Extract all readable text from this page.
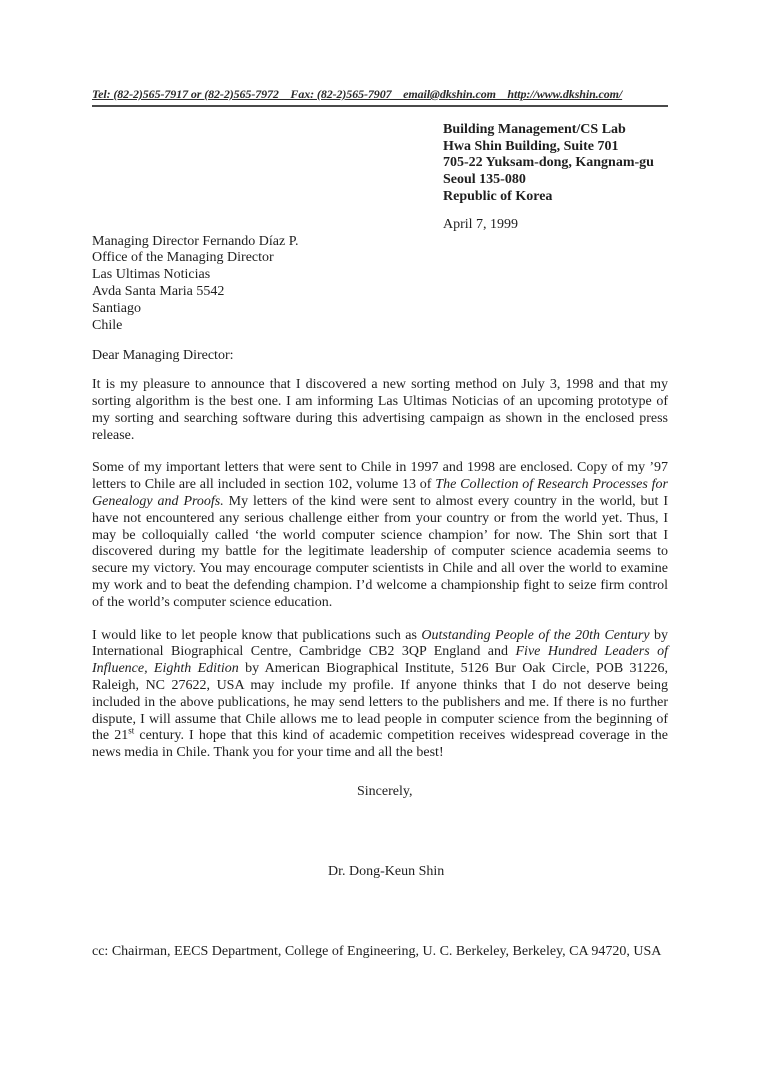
Tel: (82-2)565-7917 or (82-2)565-7972    Fax: (82-2)565-7907    email@dkshin.com    http://www.dkshin.com/
Building Management/CS Lab
Hwa Shin Building, Suite 701
705-22 Yuksam-dong, Kangnam-gu
Seoul 135-080
Republic of Korea
April 7, 1999
Managing Director Fernando Díaz P.
Office of the Managing Director
Las Ultimas Noticias
Avda Santa Maria 5542
Santiago
Chile
Dear Managing Director:

It is my pleasure to announce that I discovered a new sorting method on July 3, 1998 and that my sorting algorithm is the best one. I am informing Las Ultimas Noticias of an upcoming prototype of my sorting and searching software during this advertising campaign as shown in the enclosed press release.

Some of my important letters that were sent to Chile in 1997 and 1998 are enclosed. Copy of my ’97 letters to Chile are all included in section 102, volume 13 of The Collection of Research Processes for Genealogy and Proofs. My letters of the kind were sent to almost every country in the world, but I have not encountered any serious challenge either from your country or from the world yet. Thus, I may be colloquially called ‘the world computer science champion’ for now. The Shin sort that I discovered during my battle for the legitimate leadership of computer science academia seems to secure my victory. You may encourage computer scientists in Chile and all over the world to examine my work and to beat the defending champion. I’d welcome a championship fight to seize firm control of the world’s computer science education.

I would like to let people know that publications such as Outstanding People of the 20th Century by International Biographical Centre, Cambridge CB2 3QP England and Five Hundred Leaders of Influence, Eighth Edition by American Biographical Institute, 5126 Bur Oak Circle, POB 31226, Raleigh, NC 27622, USA may include my profile. If anyone thinks that I do not deserve being included in the above publications, he may send letters to the publishers and me. If there is no further dispute, I will assume that Chile allows me to lead people in computer science from the beginning of the 21st century. I hope that this kind of academic competition receives widespread coverage in the news media in Chile. Thank you for your time and all the best!

Sincerely,
Dr. Dong-Keun Shin
cc: Chairman, EECS Department, College of Engineering, U. C. Berkeley, Berkeley, CA 94720, USA
